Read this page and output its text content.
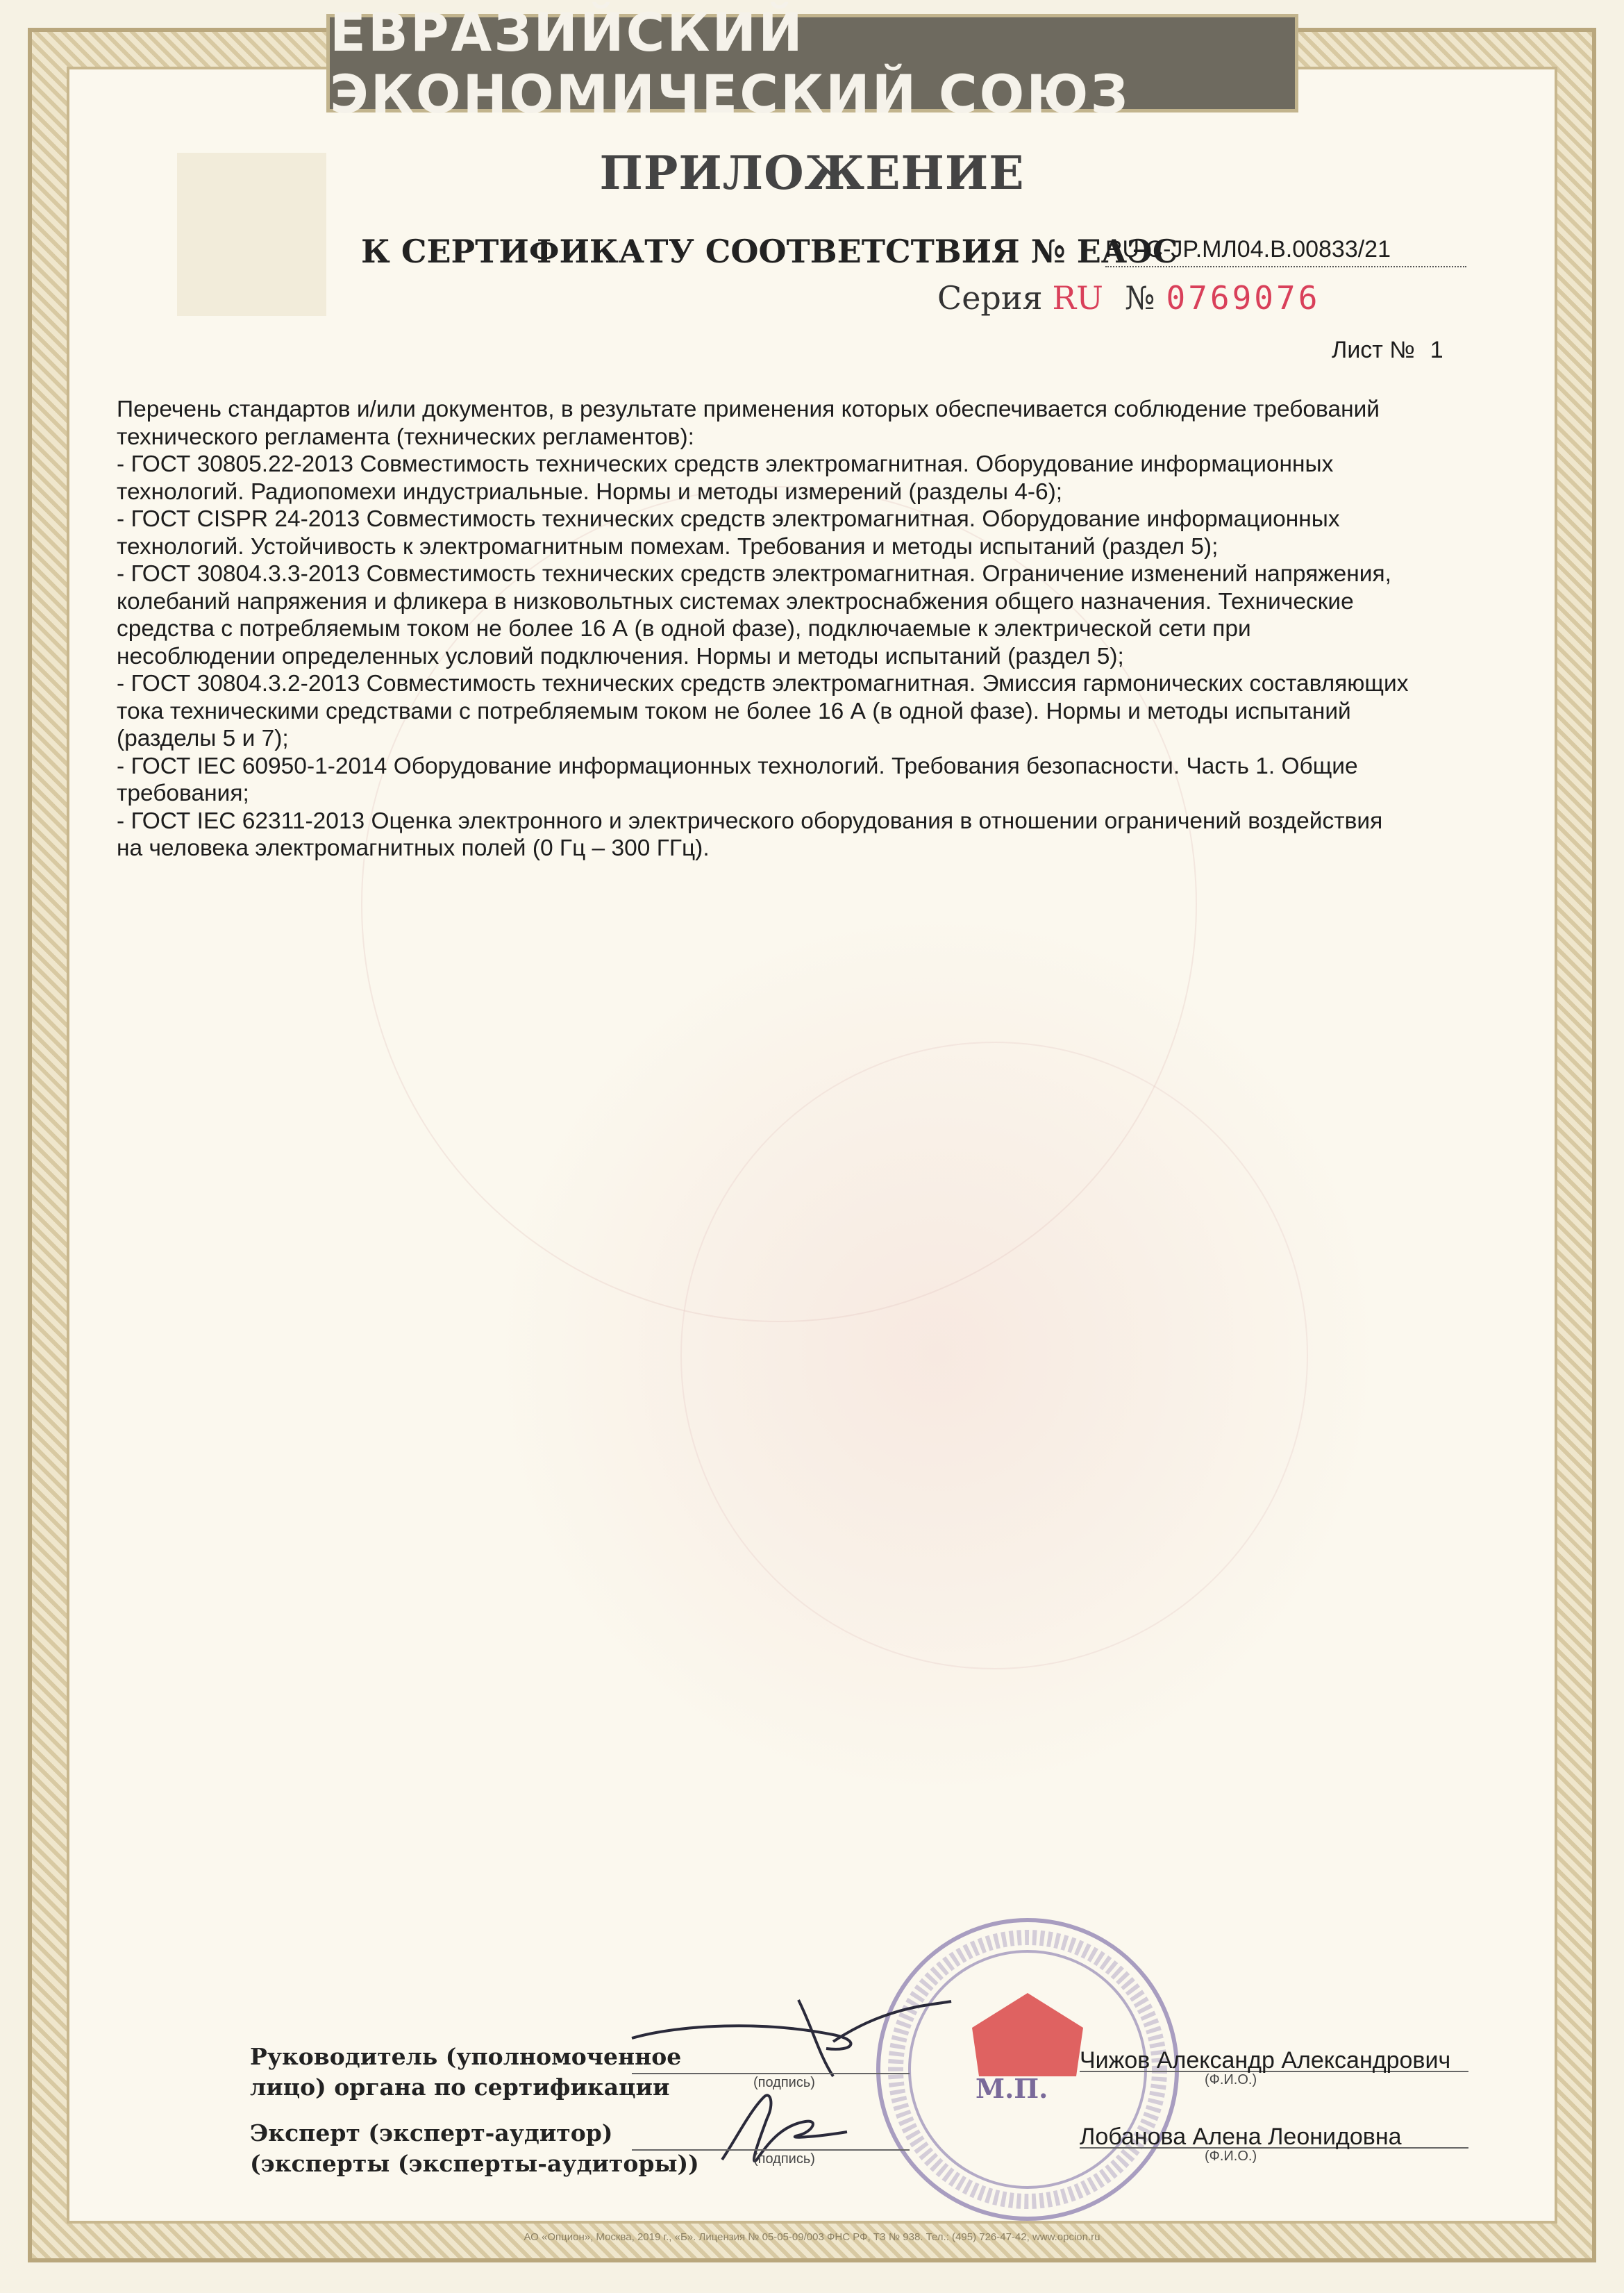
ЕВРАЗИЙСКИЙ ЭКОНОМИЧЕСКИЙ СОЮЗ
ПРИЛОЖЕНИЕ
К СЕРТИФИКАТУ СООТВЕТСТВИЯ № ЕАЭС
RU С-JP.МЛ04.В.00833/21
Серия RU № 0769076
Лист № 1

Перечень стандартов и/или документов, в результате применения которых обеспечивается соблюдение требований

технического регламента (технических регламентов):

- ГОСТ 30805.22-2013 Совместимость технических средств электромагнитная. Оборудование информационных

технологий. Радиопомехи индустриальные. Нормы и методы измерений (разделы 4-6);

- ГОСТ CISPR 24-2013 Совместимость технических средств электромагнитная. Оборудование информационных

технологий. Устойчивость к электромагнитным помехам. Требования и методы испытаний (раздел 5);

- ГОСТ 30804.3.3-2013 Совместимость технических средств электромагнитная. Ограничение изменений напряжения,

колебаний напряжения и фликера в низковольтных системах электроснабжения общего назначения. Технические

средства с потребляемым током не более 16 А (в одной фазе), подключаемые к электрической сети при

несоблюдении определенных условий подключения. Нормы и методы испытаний (раздел 5);

- ГОСТ 30804.3.2-2013 Совместимость технических средств электромагнитная. Эмиссия гармонических составляющих

тока техническими средствами с потребляемым током не более 16 А (в одной фазе). Нормы и методы испытаний

(разделы 5 и 7);

- ГОСТ IEC 60950-1-2014 Оборудование информационных технологий. Требования безопасности. Часть 1. Общие

требования;

- ГОСТ IEC 62311-2013 Оценка электронного и электрического оборудования в отношении ограничений воздействия

на человека электромагнитных полей (0 Гц – 300 ГГц).

М.П.
Руководитель (уполномоченное
лицо) органа по сертификации	(подпись)
Чижов Александр Александрович
(Ф.И.О.)
Эксперт (эксперт-аудитор)
(эксперты (эксперты-аудиторы))	(подпись)
Лобанова Алена Леонидовна
(Ф.И.О.)
АО «Опцион», Москва, 2019 г., «Б». Лицензия № 05-05-09/003 ФНС РФ, ТЗ № 938. Тел.: (495) 726-47-42, www.opcion.ru
